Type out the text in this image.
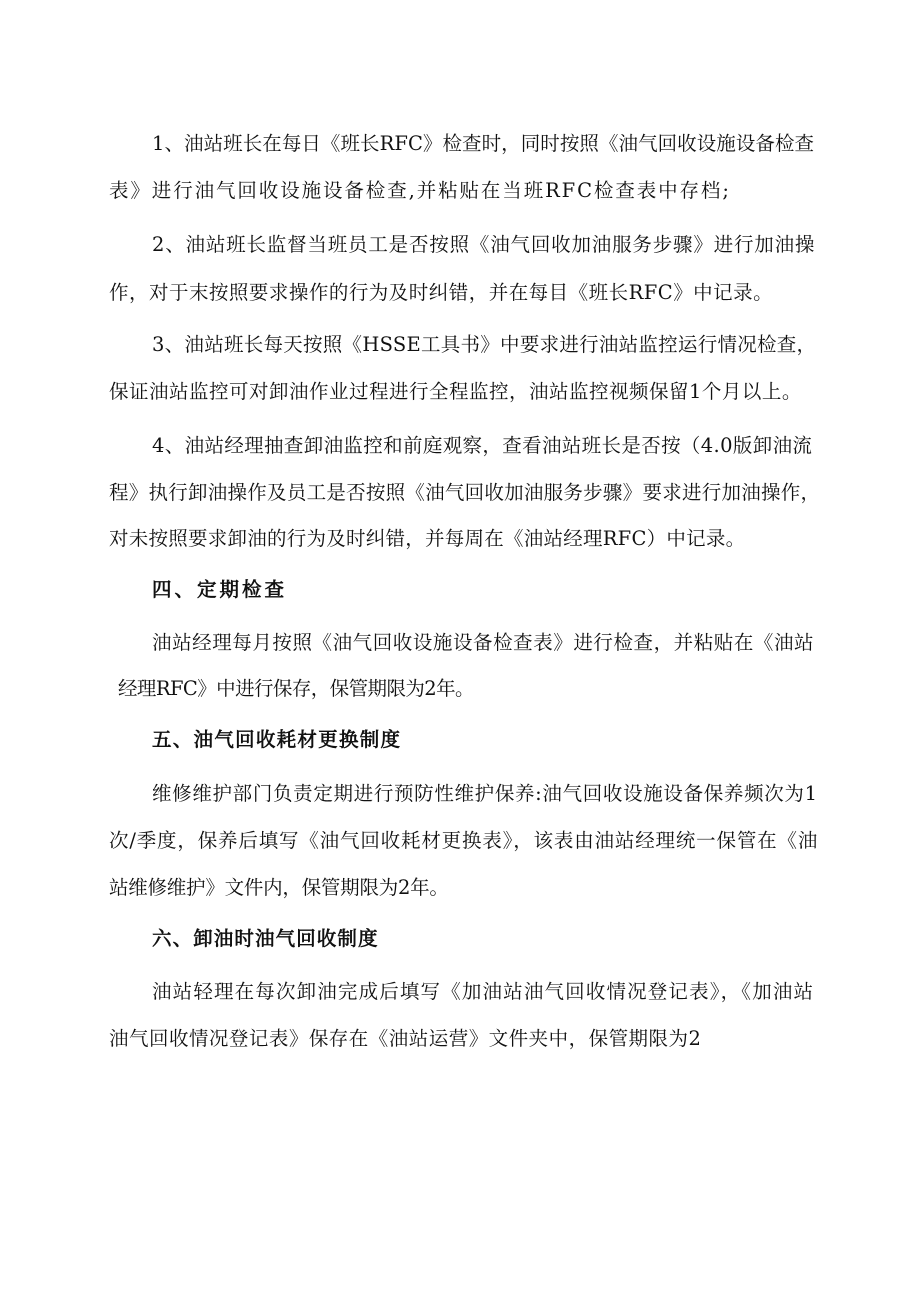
1、油站班长在每日《班长RFC》检查时，同时按照《油气回收设施设备检查
表》进行油气回收设施设备检查,并粘贴在当班RFC检查表中存档;
2、油站班长监督当班员工是否按照《油气回收加油服务步骤》进行加油操
作，对于末按照要求操作的行为及时纠错，并在每目《班长RFC》中记录。
3、油站班长每天按照《HSSE工具书》中要求进行油站监控运行情况检查，
保证油站监控可对卸油作业过程进行全程监控，油站监控视频保留1个月以上。
4、油站经理抽查卸油监控和前庭观察，查看油站班长是否按（4.0版卸油流
程》执行卸油操作及员工是否按照《油气回收加油服务步骤》要求进行加油操作，
对未按照要求卸油的行为及时纠错，并每周在《油站经理RFC）中记录。
四、定期检查
油站经理每月按照《油气回收设施设备检查表》进行检查，并粘贴在《油站
经理RFC》中进行保存，保管期限为2年。
五、油气回收耗材更换制度
维修维护部门负责定期进行预防性维护保养:油气回收设施设备保养频次为1
次/季度，保养后填写《油气回收耗材更换表》，该表由油站经理统一保管在《油
站维修维护》文件内，保管期限为2年。
六、卸油时油气回收制度
油站轻理在每次卸油完成后填写《加油站油气回收情况登记表》，《加油站
油气回收情况登记表》保存在《油站运营》文件夹中，保管期限为2
